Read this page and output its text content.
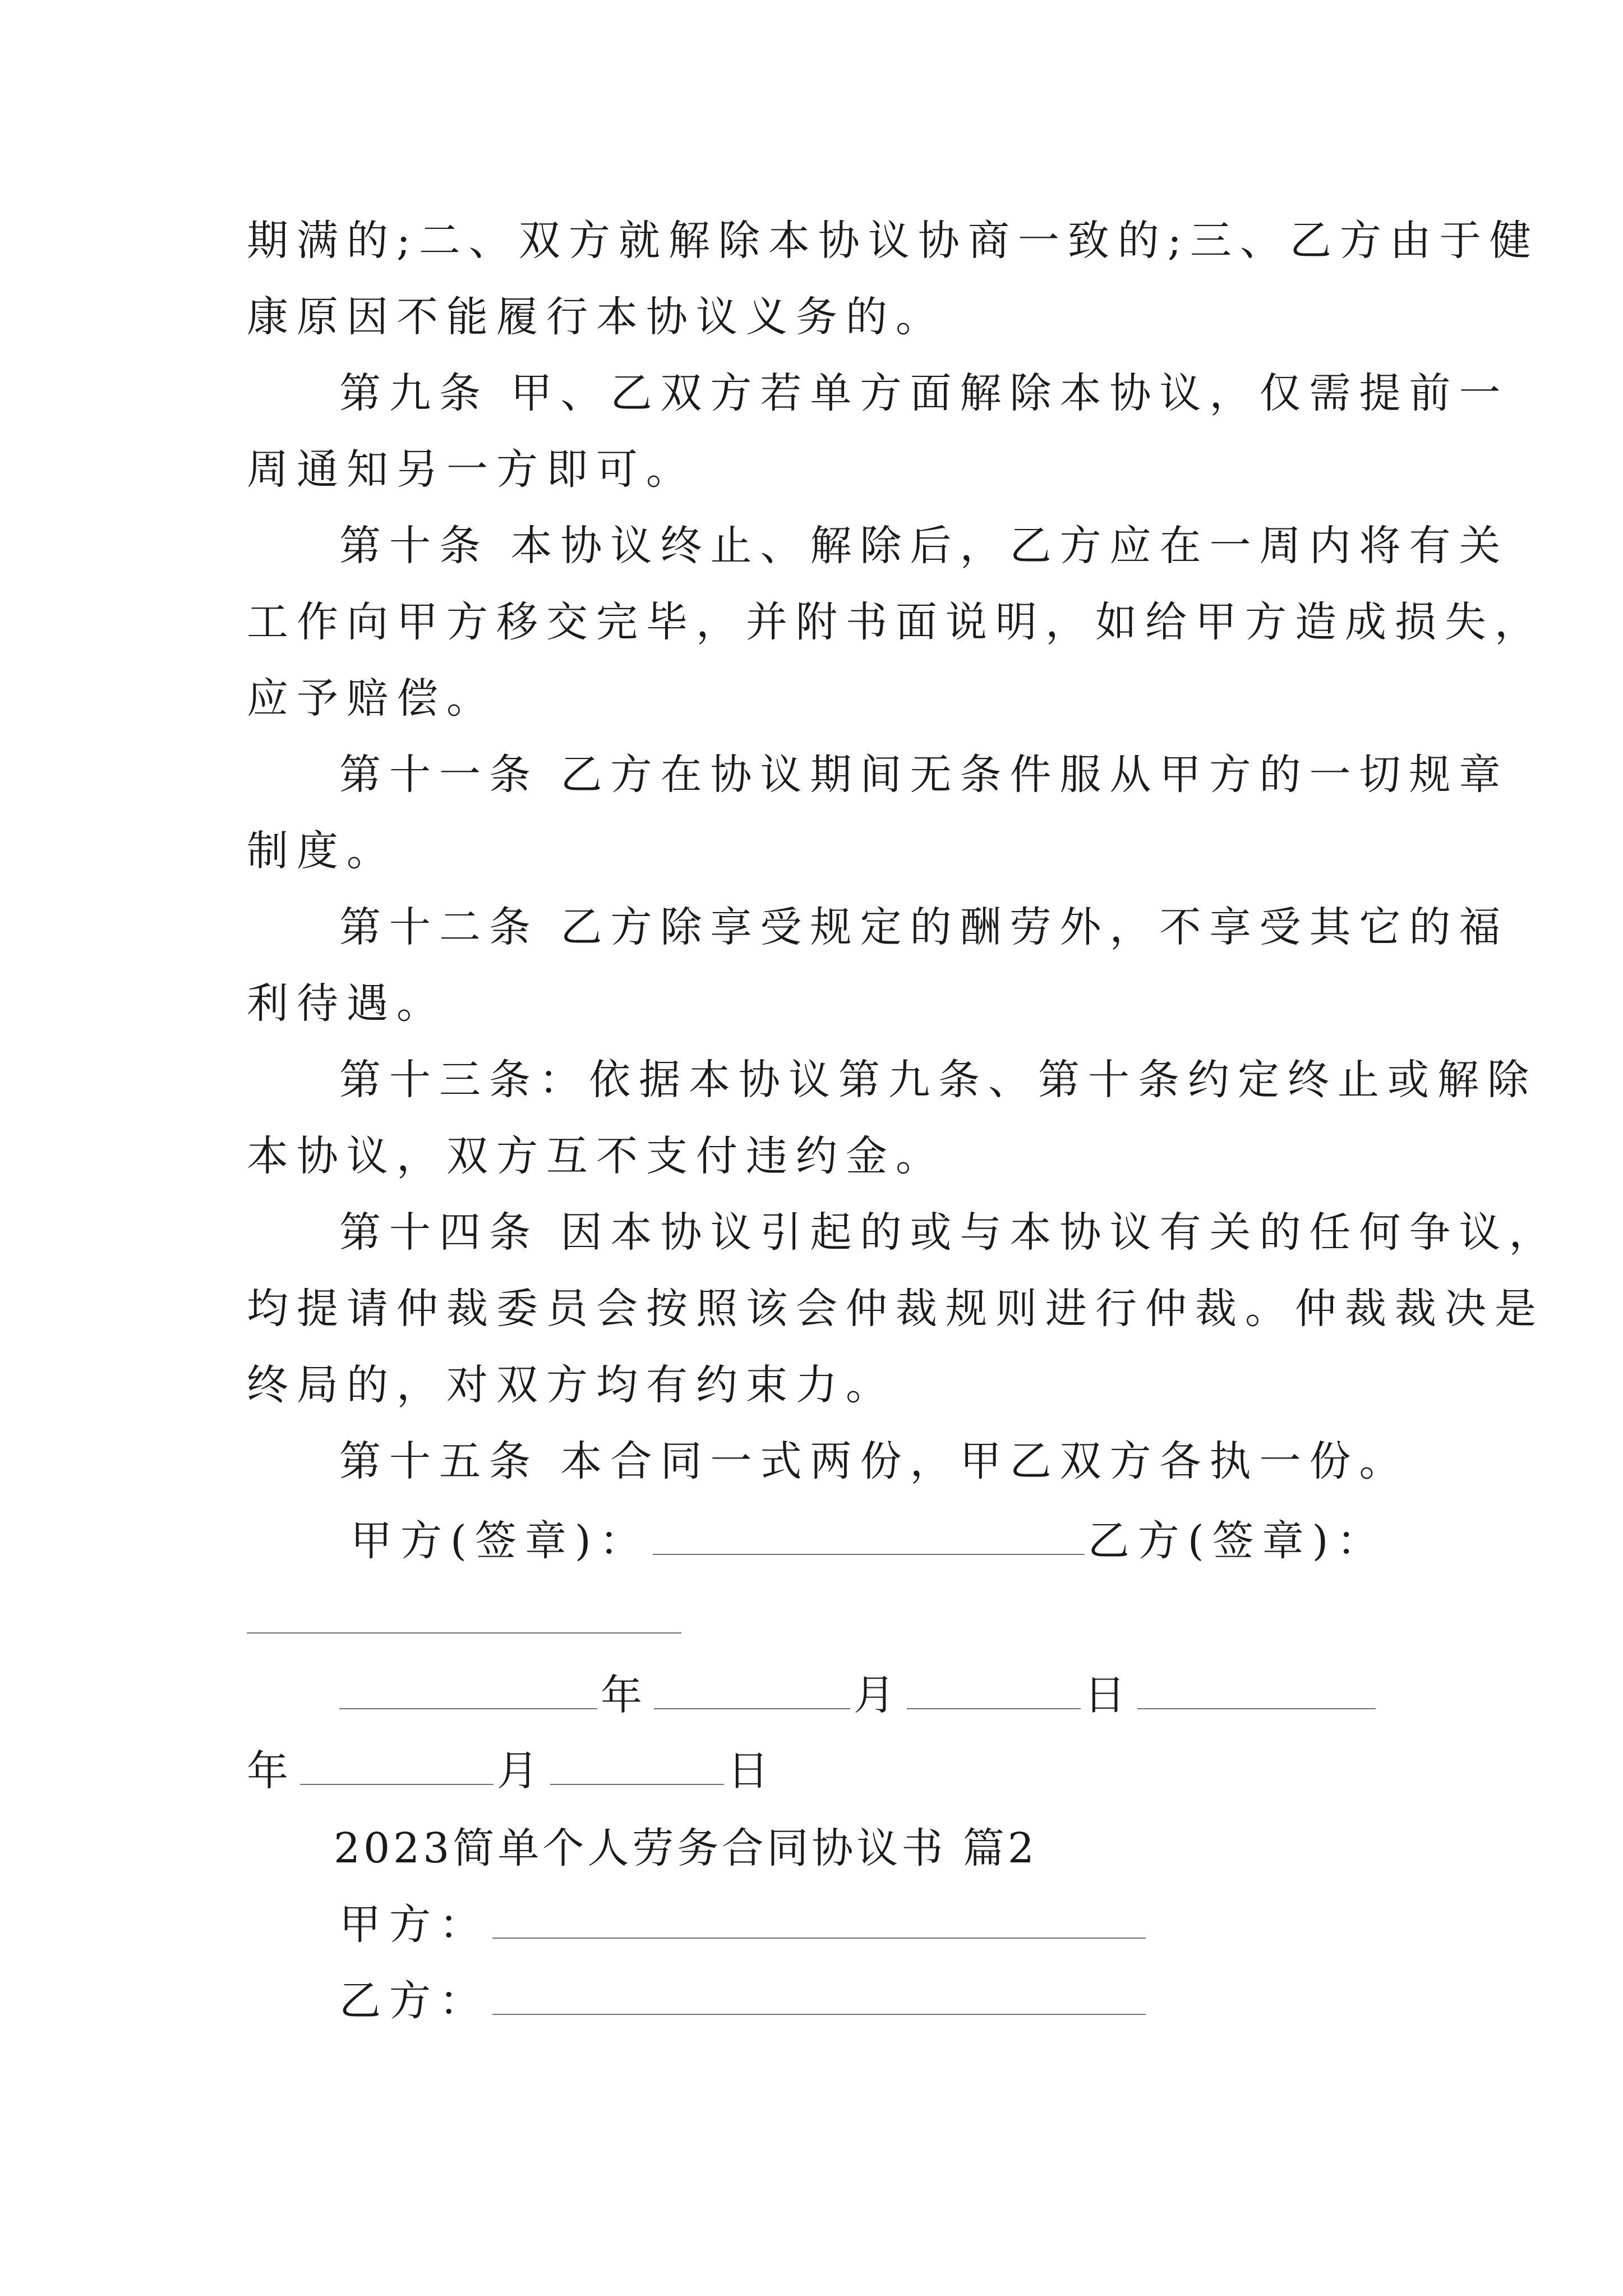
期满的;二、双方就解除本协议协商一致的;三、乙方由于健
康原因不能履行本协议义务的。
第九条 甲、乙双方若单方面解除本协议，仅需提前一
周通知另一方即可。
第十条 本协议终止、解除后，乙方应在一周内将有关
工作向甲方移交完毕，并附书面说明，如给甲方造成损失，
应予赔偿。
第十一条 乙方在协议期间无条件服从甲方的一切规章
制度。
第十二条 乙方除享受规定的酬劳外，不享受其它的福
利待遇。
第十三条：依据本协议第九条、第十条约定终止或解除
本协议，双方互不支付违约金。
第十四条 因本协议引起的或与本协议有关的任何争议，
均提请仲裁委员会按照该会仲裁规则进行仲裁。仲裁裁决是
终局的，对双方均有约束力。
第十五条 本合同一式两份，甲乙双方各执一份。
甲方(签章)：	乙方(签章)：
年	月	日
年	月	日
2023简单个人劳务合同协议书 篇2
甲方：
乙方：
